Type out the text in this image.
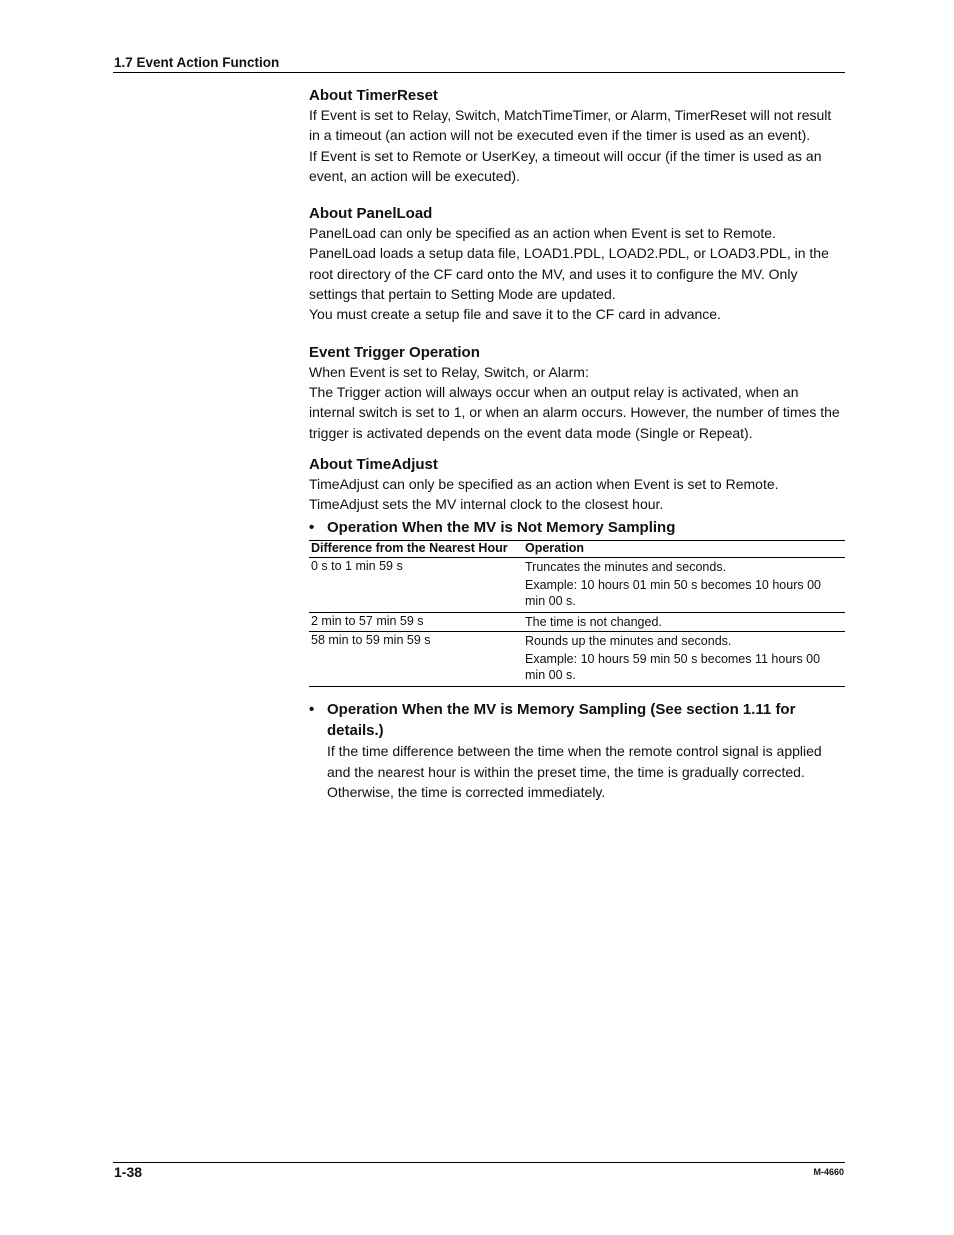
1.7 Event Action Function
About TimerReset

If Event is set to Relay, Switch, MatchTimeTimer, or Alarm, TimerReset will not result in a timeout (an action will not be executed even if the timer is used as an event).

If Event is set to Remote or UserKey, a timeout will occur (if the timer is used as an event, an action will be executed).

About PanelLoad

PanelLoad can only be specified as an action when Event is set to Remote.

PanelLoad loads a setup data file, LOAD1.PDL, LOAD2.PDL, or LOAD3.PDL, in the root directory of the CF card onto the MV, and uses it to configure the MV. Only settings that pertain to Setting Mode are updated.

You must create a setup file and save it to the CF card in advance.

Event Trigger Operation

When Event is set to Relay, Switch, or Alarm:

The Trigger action will always occur when an output relay is activated, when an internal switch is set to 1, or when an alarm occurs. However, the number of times the trigger is activated depends on the event data mode (Single or Repeat).

About TimeAdjust

TimeAdjust can only be specified as an action when Event is set to Remote.

TimeAdjust sets the MV internal clock to the closest hour.

• Operation When the MV is Not Memory Sampling
Difference from the Nearest Hour	Operation
0 s to 1 min 59 s	Truncates the minutes and seconds.
Example: 10 hours 01 min 50 s becomes 10 hours 00 min 00 s.

2 min to 57 min 59 s	The time is not changed.

58 min to 59 min 59 s	Rounds up the minutes and seconds.
Example: 10 hours 59 min 50 s becomes 11 hours 00 min 00 s.
• Operation When the MV is Memory Sampling (See section 1.11 for details.)

If the time difference between the time when the remote control signal is applied and the nearest hour is within the preset time, the time is gradually corrected. Otherwise, the time is corrected immediately.

1-38	M-4660
